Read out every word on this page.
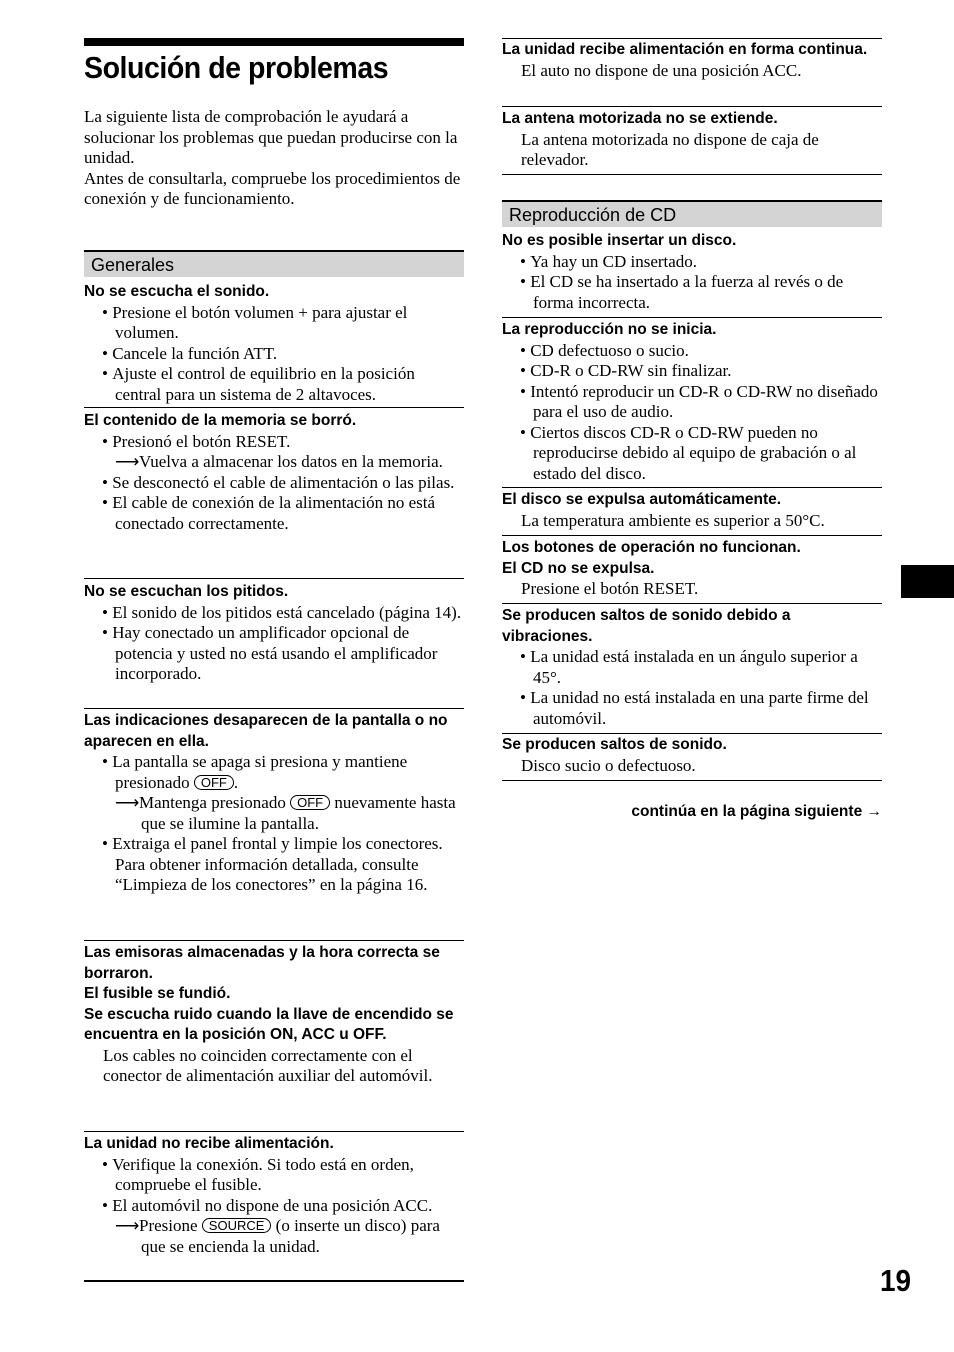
Solución de problemas

La siguiente lista de comprobación le ayudará a solucionar los problemas que puedan producirse con la unidad.

Antes de consultarla, compruebe los procedimientos de conexión y de funcionamiento.

Generales

No se escucha el sonido.

• Presione el botón volumen + para ajustar el volumen.

• Cancele la función ATT.

• Ajuste el control de equilibrio en la posición central para un sistema de 2 altavoces.

El contenido de la memoria se borró.

• Presionó el botón RESET.

⟶Vuelva a almacenar los datos en la memoria.

• Se desconectó el cable de alimentación o las pilas.

• El cable de conexión de la alimentación no está conectado correctamente.

No se escuchan los pitidos.

• El sonido de los pitidos está cancelado (página 14).

• Hay conectado un amplificador opcional de potencia y usted no está usando el amplificador incorporado.

Las indicaciones desaparecen de la pantalla o no aparecen en ella.

• La pantalla se apaga si presiona y mantiene presionado OFF .

⟶Mantenga presionado OFF nuevamente hasta que se ilumine la pantalla.

• Extraiga el panel frontal y limpie los conectores. Para obtener información detallada, consulte “Limpieza de los conectores” en la página 16.

Las emisoras almacenadas y la hora correcta se borraron.

El fusible se fundió.

Se escucha ruido cuando la llave de encendido se encuentra en la posición ON, ACC u OFF.

Los cables no coinciden correctamente con el conector de alimentación auxiliar del automóvil.

La unidad no recibe alimentación.

• Verifique la conexión. Si todo está en orden, compruebe el fusible.

• El automóvil no dispone de una posición ACC.

⟶Presione SOURCE (o inserte un disco) para que se encienda la unidad.

La unidad recibe alimentación en forma continua.

El auto no dispone de una posición ACC.

La antena motorizada no se extiende.

La antena motorizada no dispone de caja de relevador.

Reproducción de CD

No es posible insertar un disco.

• Ya hay un CD insertado.

• El CD se ha insertado a la fuerza al revés o de forma incorrecta.

La reproducción no se inicia.

• CD defectuoso o sucio.

• CD-R o CD-RW sin finalizar.

• Intentó reproducir un CD-R o CD-RW no diseñado para el uso de audio.

• Ciertos discos CD-R o CD-RW pueden no reproducirse debido al equipo de grabación o al estado del disco.

El disco se expulsa automáticamente.

La temperatura ambiente es superior a 50°C.

Los botones de operación no funcionan.

El CD no se expulsa.

Presione el botón RESET.

Se producen saltos de sonido debido a vibraciones.

• La unidad está instalada en un ángulo superior a 45°.

• La unidad no está instalada en una parte firme del automóvil.

Se producen saltos de sonido.

Disco sucio o defectuoso.

continúa en la página siguiente →
19
